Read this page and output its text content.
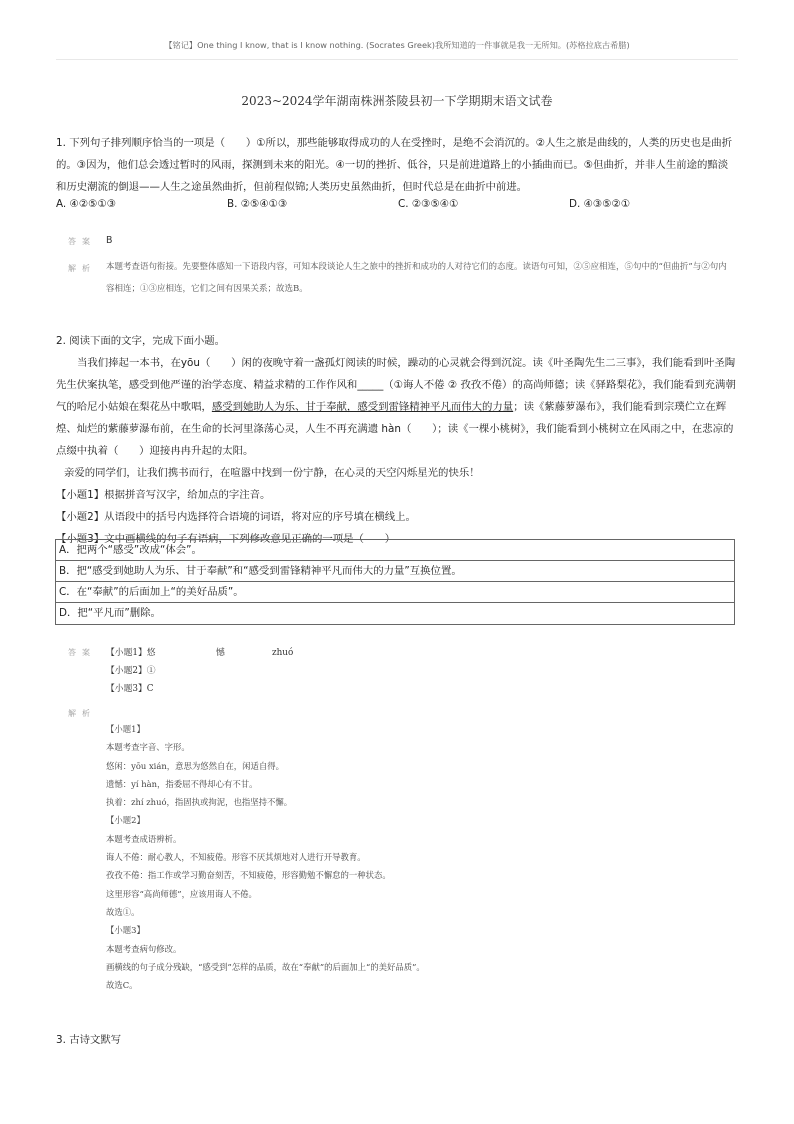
【铭记】One thing I know, that is I know nothing. (Socrates Greek)我所知道的一件事就是我一无所知。(苏格拉底古希腊)
2023~2024学年湖南株洲茶陵县初一下学期期末语文试卷
1. 下列句子排列顺序恰当的一项是（　　）①所以，那些能够取得成功的人在受挫时，是绝不会消沉的。②人生之旅是曲线的，人类的历史也是曲折的。③因为，他们总会透过暂时的风雨，探测到未来的阳光。④一切的挫折、低谷，只是前进道路上的小插曲而已。⑤但曲折，并非人生前途的黯淡和历史潮流的倒退——人生之途虽然曲折，但前程似锦;人类历史虽然曲折，但时代总是在曲折中前进。
A. ④②⑤①③	B. ②⑤④①③	C. ②③⑤④①	D. ④③⑤②①
答案 B
解析 本题考查语句衔接。先要整体感知一下语段内容，可知本段谈论人生之旅中的挫折和成功的人对待它们的态度。读语句可知，②⑤应相连，⑤句中的“但曲折”与②句内容相连；①③应相连，它们之间有因果关系；故选B。

2. 阅读下面的文字，完成下面小题。

当我们捧起一本书，在yōu（　　）闲的夜晚守着一盏孤灯阅读的时候，躁动的心灵就会得到沉淀。读《叶圣陶先生二三事》，我们能看到叶圣陶先生伏案执笔，感受到他严谨的治学态度、精益求精的工作作风和_____（①诲人不倦 ② 孜孜不倦）的高尚师德；读《驿路梨花》，我们能看到充满朝气的哈尼小姑娘在梨花丛中歌唱，感受到她助人为乐、甘于奉献，感受到雷锋精神平凡而伟大的力量；读《紫藤萝瀑布》，我们能看到宗璞伫立在辉煌、灿烂的紫藤萝瀑布前，在生命的长河里涤荡心灵，人生不再充满遗 hàn（　　）；读《一棵小桃树》，我们能看到小桃树立在风雨之中，在悲凉的点缀中执着（　　）迎接冉冉升起的太阳。

亲爱的同学们，让我们携书而行，在喧嚣中找到一份宁静，在心灵的天空闪烁星光的快乐！

【小题1】根据拼音写汉字，给加点的字注音。

【小题2】从语段中的括号内选择符合语境的词语，将对应的序号填在横线上。

【小题3】文中画横线的句子有语病，下列修改意见正确的一项是（　　）

A．把两个“感受”改成“体会”。
B．把“感受到她助人为乐、甘于奉献”和“感受到雷锋精神平凡而伟大的力量”互换位置。
C．在“奉献”的后面加上“的美好品质”。
D．把“平凡而”删除。
答案 【小题1】悠	憾	zhuó
【小题2】①
【小题3】C
解析
【小题1】
本题考查字音、字形。
悠闲：yōu xián，意思为悠然自在，闲适自得。
遗憾：yí hàn，指委屈不得却心有不甘。
执着：zhí zhuó，指固执或拘泥，也指坚持不懈。
【小题2】
本题考查成语辨析。
诲人不倦：耐心教人，不知疲倦。形容不厌其烦地对人进行开导教育。
孜孜不倦：指工作或学习勤奋刻苦，不知疲倦，形容勤勉不懈怠的一种状态。
这里形容“高尚师德”，应该用诲人不倦。
故选①。
【小题3】
本题考查病句修改。
画横线的句子成分残缺，“感受到”怎样的品质，故在“奉献”的后面加上“的美好品质”。
故选C。
3. 古诗文默写
